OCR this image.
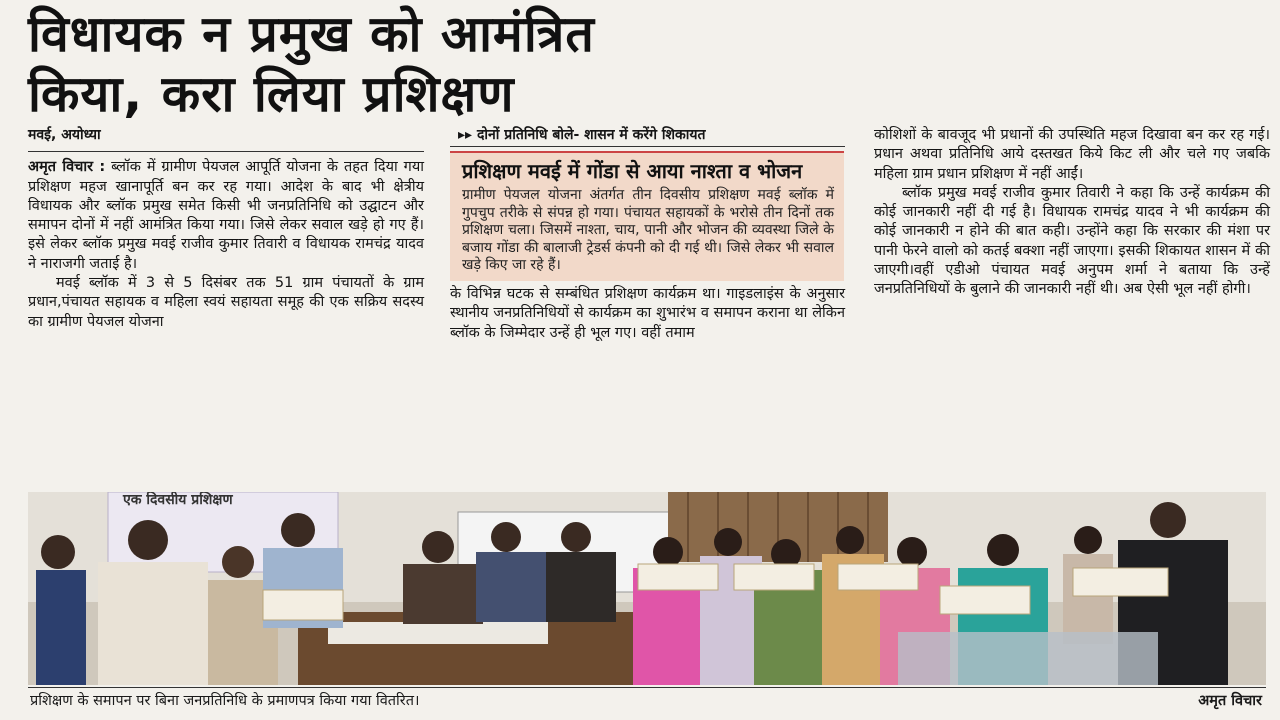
विधायक न प्रमुख को आमंत्रित
किया, करा लिया प्रशिक्षण
मवई, अयोध्या

अमृत विचार : ब्लॉक में ग्रामीण पेयजल आपूर्ति योजना के तहत दिया गया प्रशिक्षण महज खानापूर्ति बन कर रह गया। आदेश के बाद भी क्षेत्रीय विधायक और ब्लॉक प्रमुख समेत किसी भी जनप्रतिनिधि को उद्घाटन और समापन दोनों में नहीं आमंत्रित किया गया। जिसे लेकर सवाल खड़े हो गए हैं। इसे लेकर ब्लॉक प्रमुख मवई राजीव कुमार तिवारी व विधायक रामचंद्र यादव ने नाराजगी जताई है।

मवई ब्लॉक में 3 से 5 दिसंबर तक 51 ग्राम पंचायतों के ग्राम प्रधान,पंचायत सहायक व महिला स्वयं सहायता समूह की एक सक्रिय सदस्य का ग्रामीण पेयजल योजना

▸▸ दोनों प्रतिनिधि बोले- शासन में करेंगे शिकायत
प्रशिक्षण मवई में गोंडा से आया नाश्ता व भोजन
ग्रामीण पेयजल योजना अंतर्गत तीन दिवसीय प्रशिक्षण मवई ब्लॉक में गुपचुप तरीके से संपन्न हो गया। पंचायत सहायकों के भरोसे तीन दिनों तक प्रशिक्षण चला। जिसमें नाश्ता, चाय, पानी और भोजन की व्यवस्था जिले के बजाय गोंडा की बालाजी ट्रेडर्स कंपनी को दी गई थी। जिसे लेकर भी सवाल खड़े किए जा रहे हैं।

के विभिन्न घटक से सम्बंधित प्रशिक्षण कार्यक्रम था। गाइडलाइंस के अनुसार स्थानीय जनप्रतिनिधियों से कार्यक्रम का शुभारंभ व समापन कराना था लेकिन ब्लॉक के जिम्मेदार उन्हें ही भूल गए। वहीं तमाम

कोशिशों के बावजूद भी प्रधानों की उपस्थिति महज दिखावा बन कर रह गई। प्रधान अथवा प्रतिनिधि आये दस्तखत किये किट ली और चले गए जबकि महिला ग्राम प्रधान प्रशिक्षण में नहीं आईं।

ब्लॉक प्रमुख मवई राजीव कुमार तिवारी ने कहा कि उन्हें कार्यक्रम की कोई जानकारी नहीं दी गई है। विधायक रामचंद्र यादव ने भी कार्यक्रम की कोई जानकारी न होने की बात कही। उन्होंने कहा कि सरकार की मंशा पर पानी फेरने वालो को कतई बक्शा नहीं जाएगा। इसकी शिकायत शासन में की जाएगी।वहीं एडीओ पंचायत मवई अनुपम शर्मा ने बताया कि उन्हें जनप्रतिनिधियों के बुलाने की जानकारी नहीं थी। अब ऐसी भूल नहीं होगी।

एक दिवसीय प्रशिक्षण
प्रशिक्षण के समापन पर बिना जनप्रतिनिधि के प्रमाणपत्र किया गया वितरित।	अमृत विचार
